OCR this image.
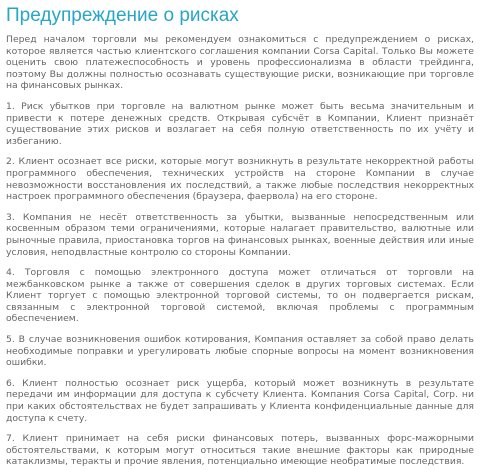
Предупреждение о рисках

Перед началом торговли мы рекомендуем ознакомиться с предупреждением о рисках, которое является частью клиентского соглашения компании Corsa Capital. Только Вы можете оценить свою платежеспособность и уровень профессионализма в области трейдинга, поэтому Вы должны полностью осознавать существующие риски, возникающие при торговле на финансовых рынках.

1. Риск убытков при торговле на валютном рынке может быть весьма значительным и привести к потере денежных средств. Открывая субсчёт в Компании, Клиент признаёт существование этих рисков и возлагает на себя полную ответственность по их учёту и избеганию.

2. Клиент осознает все риски, которые могут возникнуть в результате некорректной работы программного обеспечения, технических устройств на стороне Компании в случае невозможности восстановления их последствий, а также любые последствия некорректных настроек программного обеспечения (браузера, фаервола) на его стороне.

3. Компания не несёт ответственность за убытки, вызванные непосредственным или косвенным образом теми ограничениями, которые налагает правительство, валютные или рыночные правила, приостановка торгов на финансовых рынках, военные действия или иные условия, неподвластные контролю со стороны Компании.

4. Торговля с помощью электронного доступа может отличаться от торговли на межбанковском рынке а также от совершения сделок в других торговых системах. Если Клиент торгует с помощью электронной торговой системы, то он подвергается рискам, связанным с электронной торговой системой, включая проблемы с программным обеспечением.

5. В случае возникновения ошибок котирования, Компания оставляет за собой право делать необходимые поправки и урегулировать любые спорные вопросы на момент возникновения ошибки.

6. Клиент полностью осознает риск ущерба, который может возникнуть в результате передачи им информации для доступа к субсчету Клиента. Компания Corsa Capital, Corp. ни при каких обстоятельствах не будет запрашивать у Клиента конфиденциальные данные для доступа к счету.

7. Клиент принимает на себя риски финансовых потерь, вызванных форс-мажорными обстоятельствами, к которым могут относиться такие внешние факторы как природные катаклизмы, теракты и прочие явления, потенциально имеющие необратимые последствия.
